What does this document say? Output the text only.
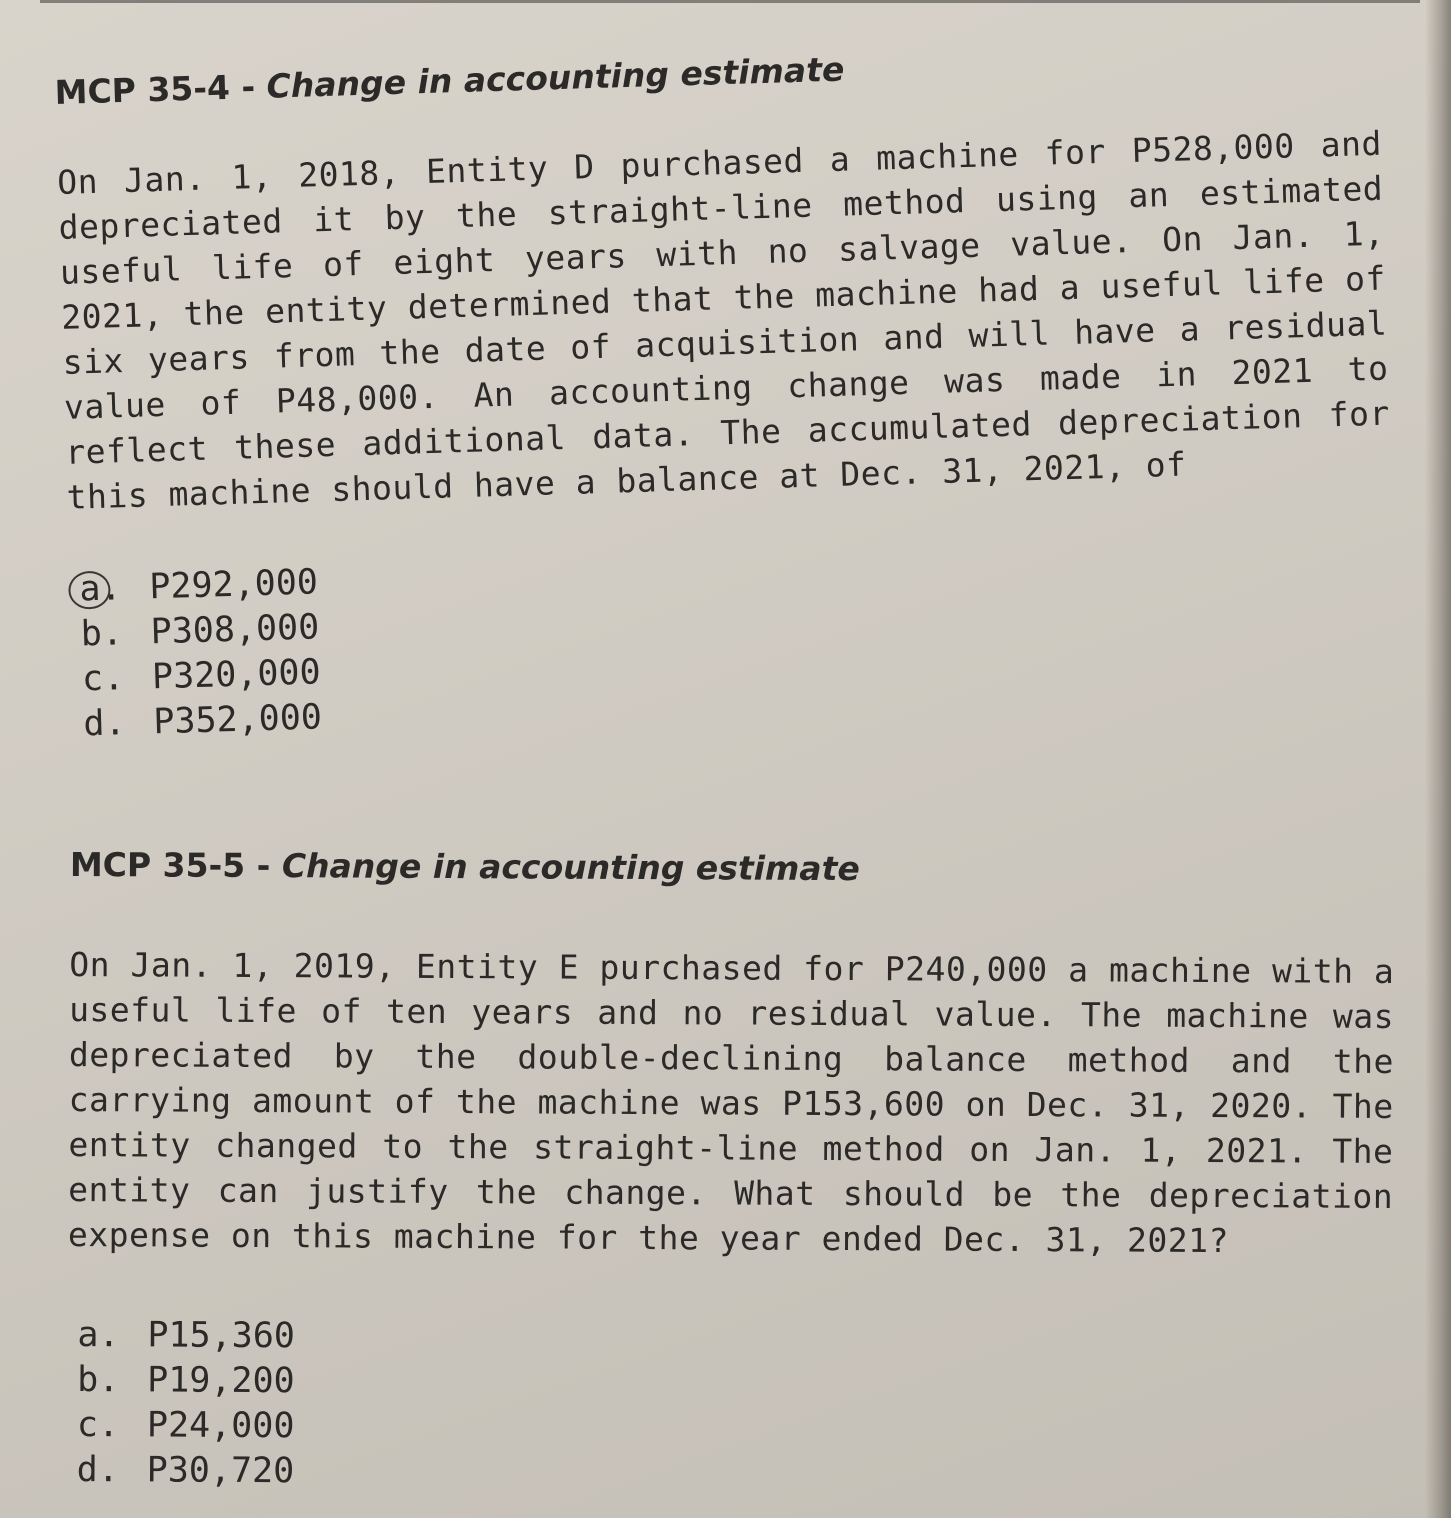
MCP 35-4 - Change in accounting estimate
On Jan. 1, 2018, Entity D purchased a machine for P528,000 and depreciated it by the straight-line method using an estimated useful life of eight years with no salvage value. On Jan. 1, 2021, the entity determined that the machine had a useful life of six years from the date of acquisition and will have a residual value of P48,000. An accounting change was made in 2021 to reflect these additional data. The accumulated depreciation for this machine should have a balance at Dec. 31, 2021, of
a. P292,000
b. P308,000
c. P320,000
d. P352,000
MCP 35-5 - Change in accounting estimate
On Jan. 1, 2019, Entity E purchased for P240,000 a machine with a useful life of ten years and no residual value. The machine was depreciated by the double-declining balance method and the carrying amount of the machine was P153,600 on Dec. 31, 2020. The entity changed to the straight-line method on Jan. 1, 2021. The entity can justify the change. What should be the depreciation expense on this machine for the year ended Dec. 31, 2021?
a. P15,360
b. P19,200
c. P24,000
d. P30,720
